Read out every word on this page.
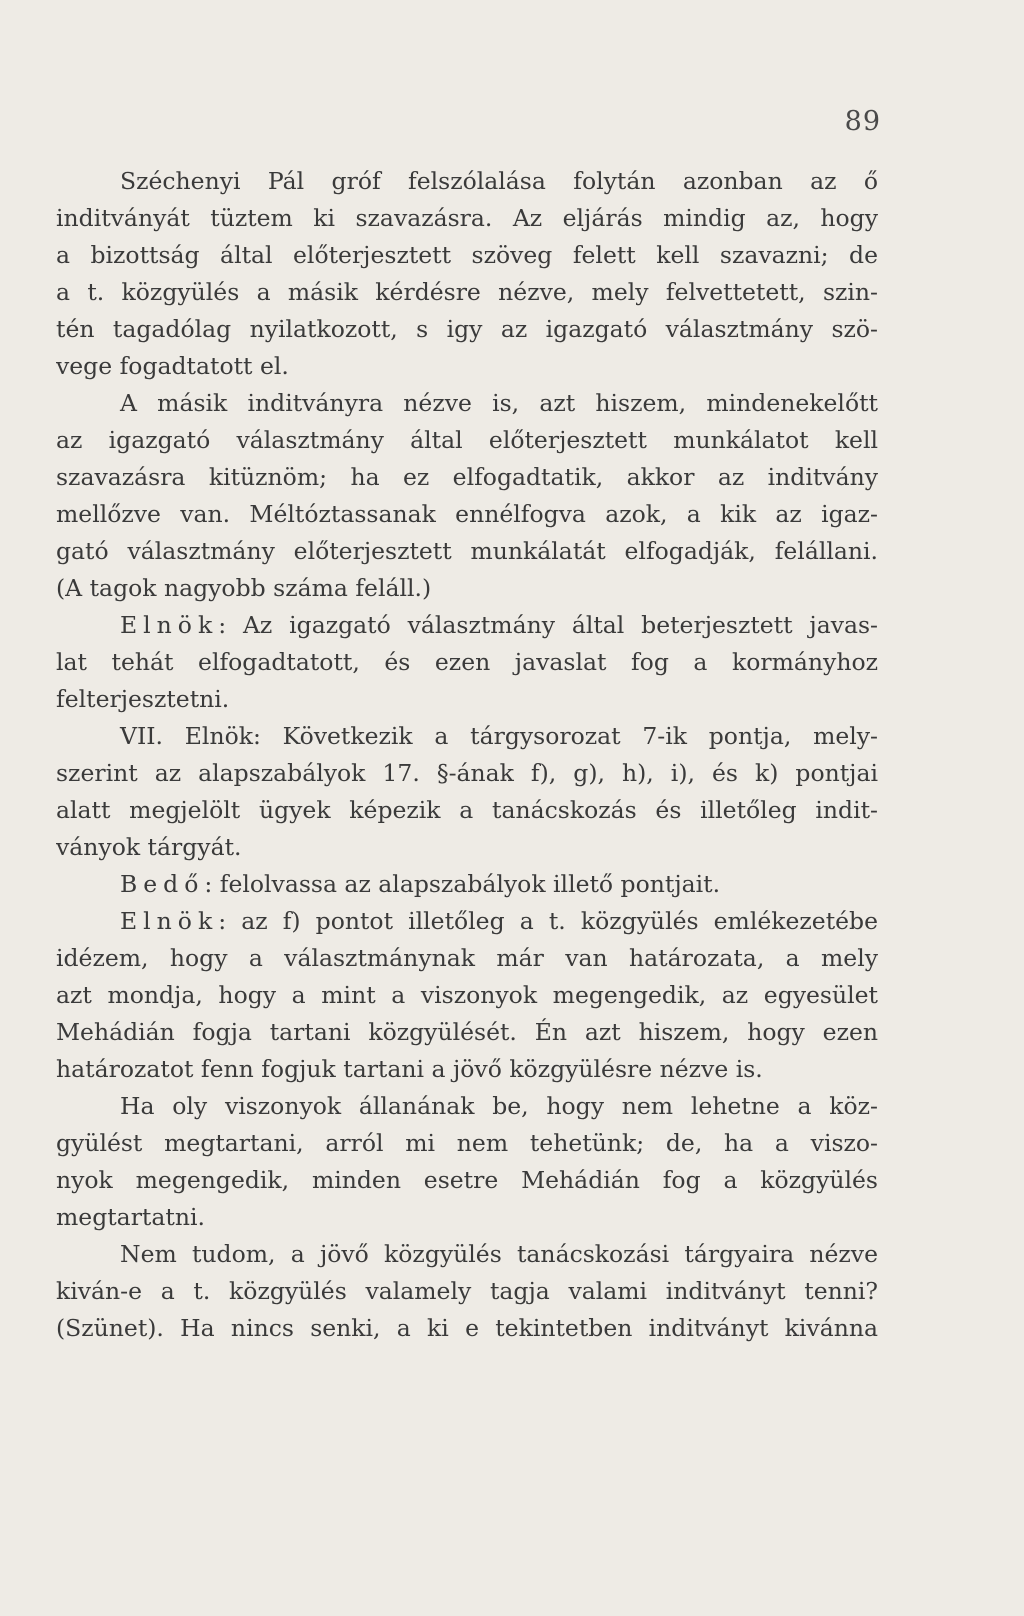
89
Széchenyi Pál gróf felszólalása folytán azonban az ő
inditványát tüztem ki szavazásra. Az eljárás mindig az, hogy
a bizottság által előterjesztett szöveg felett kell szavazni; de
a t. közgyülés a másik kérdésre nézve, mely felvettetett, szin-
tén tagadólag nyilatkozott, s igy az igazgató választmány szö-
vege fogadtatott el.
A másik inditványra nézve is, azt hiszem, mindenekelőtt
az igazgató választmány által előterjesztett munkálatot kell
szavazásra kitüznöm; ha ez elfogadtatik, akkor az inditvány
mellőzve van. Méltóztassanak ennélfogva azok, a kik az igaz-
gató választmány előterjesztett munkálatát elfogadják, felállani.
(A tagok nagyobb száma feláll.)
Elnök: Az igazgató választmány által beterjesztett javas-
lat tehát elfogadtatott, és ezen javaslat fog a kormányhoz
felterjesztetni.
VII. Elnök: Következik a tárgysorozat 7-ik pontja, mely-
szerint az alapszabályok 17. §-ának f), g), h), i), és k) pontjai
alatt megjelölt ügyek képezik a tanácskozás és illetőleg indit-
ványok tárgyát.
Bedő: felolvassa az alapszabályok illető pontjait.
Elnök: az f) pontot illetőleg a t. közgyülés emlékezetébe
idézem, hogy a választmánynak már van határozata, a mely
azt mondja, hogy a mint a viszonyok megengedik, az egyesület
Mehádián fogja tartani közgyülését. Én azt hiszem, hogy ezen
határozatot fenn fogjuk tartani a jövő közgyülésre nézve is.
Ha oly viszonyok állanának be, hogy nem lehetne a köz-
gyülést megtartani, arról mi nem tehetünk; de, ha a viszo-
nyok megengedik, minden esetre Mehádián fog a közgyülés
megtartatni.
Nem tudom, a jövő közgyülés tanácskozási tárgyaira nézve
kiván-e a t. közgyülés valamely tagja valami inditványt tenni?
(Szünet). Ha nincs senki, a ki e tekintetben inditványt kivánna
